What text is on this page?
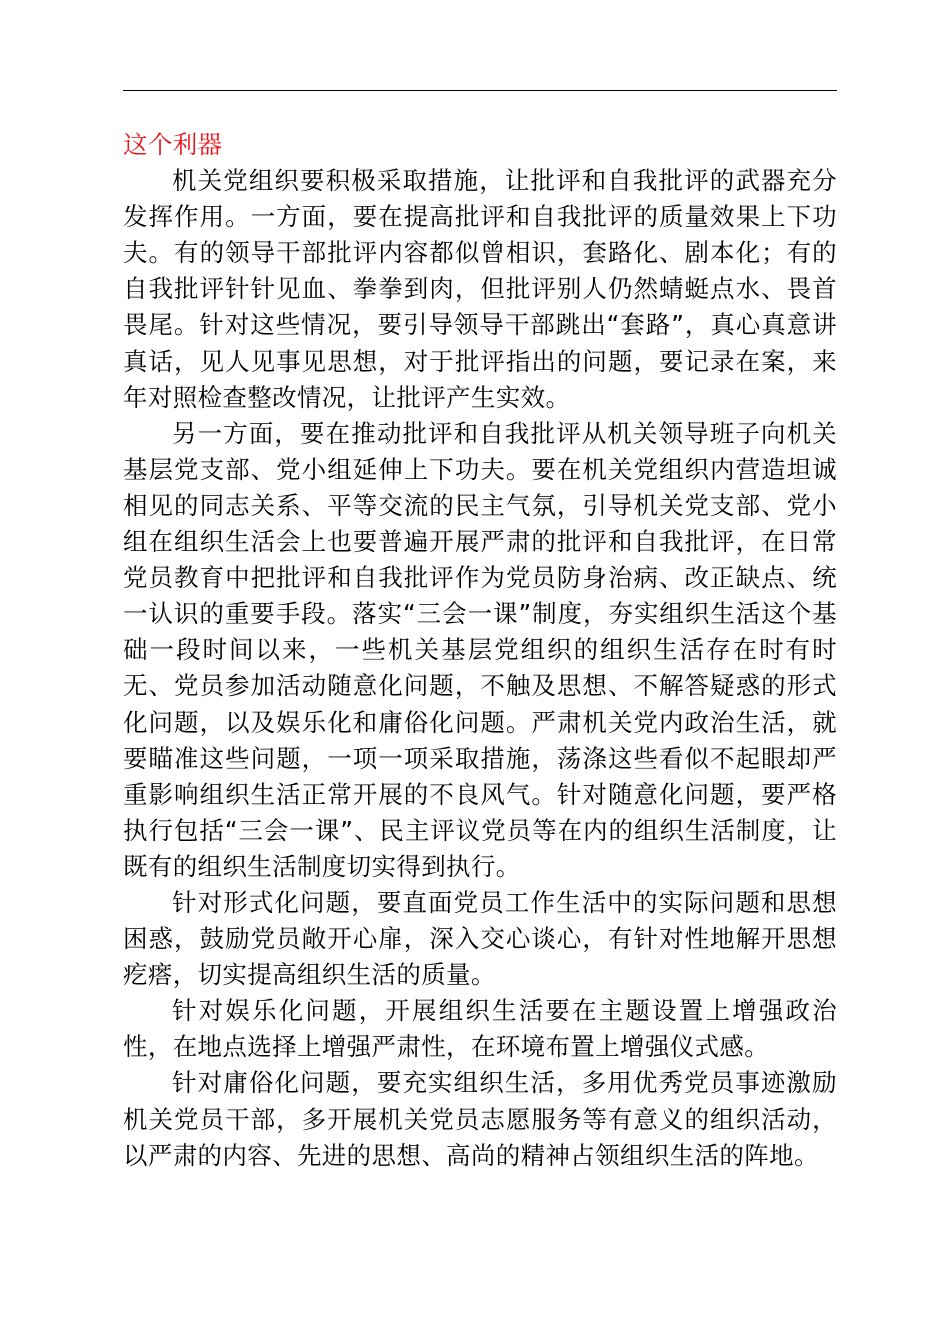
这个利器

机关党组织要积极采取措施，让批评和自我批评的武器充分发挥作用。一方面，要在提高批评和自我批评的质量效果上下功夫。有的领导干部批评内容都似曾相识，套路化、剧本化；有的自我批评针针见血、拳拳到肉，但批评别人仍然蜻蜓点水、畏首畏尾。针对这些情况，要引导领导干部跳出“套路”，真心真意讲真话，见人见事见思想，对于批评指出的问题，要记录在案，来年对照检查整改情况，让批评产生实效。

另一方面，要在推动批评和自我批评从机关领导班子向机关基层党支部、党小组延伸上下功夫。要在机关党组织内营造坦诚相见的同志关系、平等交流的民主气氛，引导机关党支部、党小组在组织生活会上也要普遍开展严肃的批评和自我批评，在日常党员教育中把批评和自我批评作为党员防身治病、改正缺点、统一认识的重要手段。落实“三会一课”制度，夯实组织生活这个基础一段时间以来，一些机关基层党组织的组织生活存在时有时无、党员参加活动随意化问题，不触及思想、不解答疑惑的形式化问题，以及娱乐化和庸俗化问题。严肃机关党内政治生活，就要瞄准这些问题，一项一项采取措施，荡涤这些看似不起眼却严重影响组织生活正常开展的不良风气。针对随意化问题，要严格执行包括“三会一课”、民主评议党员等在内的组织生活制度，让既有的组织生活制度切实得到执行。

针对形式化问题，要直面党员工作生活中的实际问题和思想困惑，鼓励党员敞开心扉，深入交心谈心，有针对性地解开思想疙瘩，切实提高组织生活的质量。

针对娱乐化问题，开展组织生活要在主题设置上增强政治性，在地点选择上增强严肃性，在环境布置上增强仪式感。

针对庸俗化问题，要充实组织生活，多用优秀党员事迹激励机关党员干部，多开展机关党员志愿服务等有意义的组织活动，以严肃的内容、先进的思想、高尚的精神占领组织生活的阵地。
